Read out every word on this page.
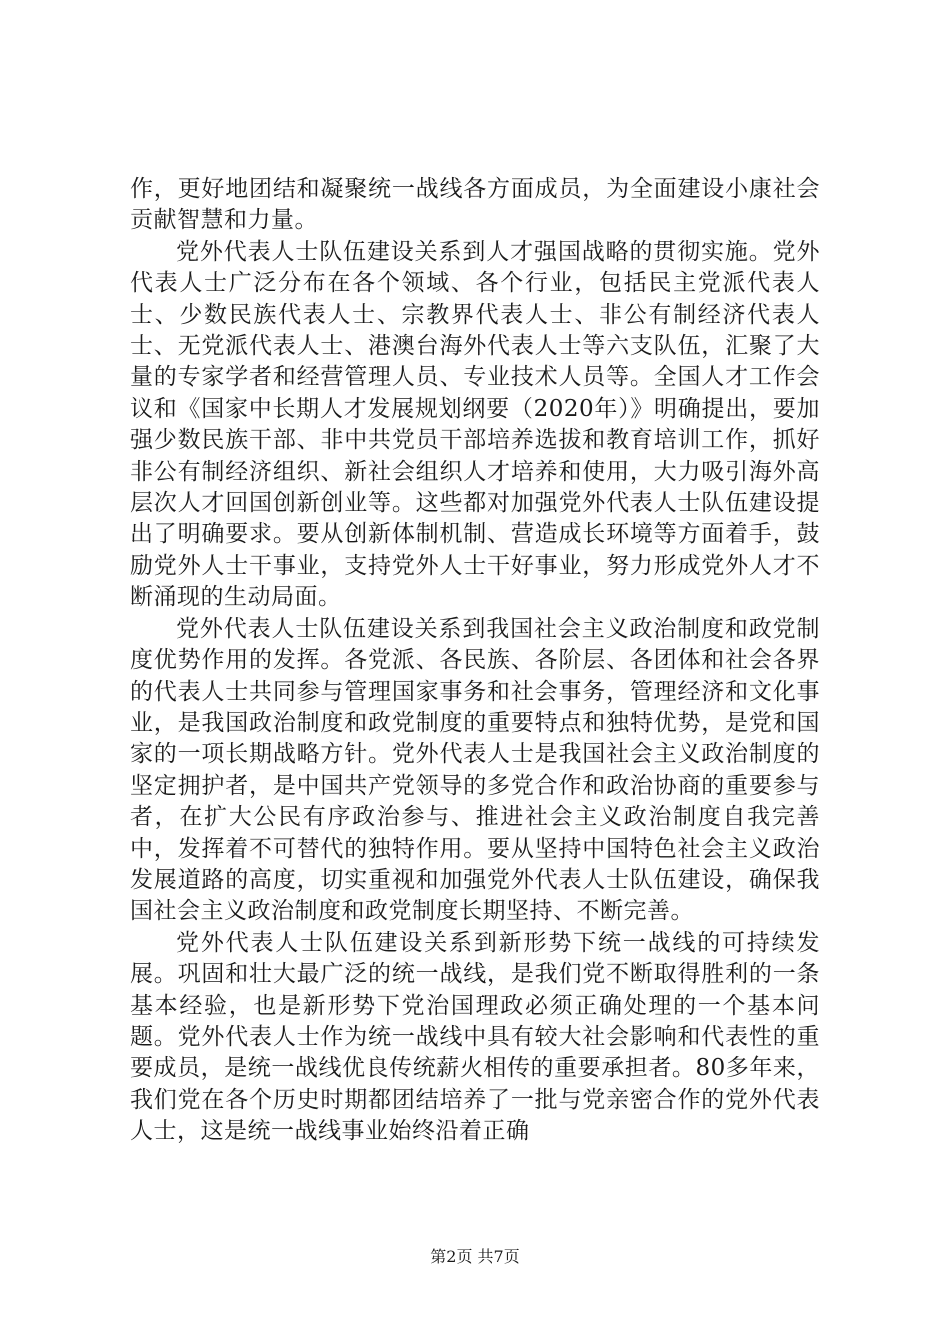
作，更好地团结和凝聚统一战线各方面成员，为全面建设小康社会贡献智慧和力量。

党外代表人士队伍建设关系到人才强国战略的贯彻实施。党外代表人士广泛分布在各个领域、各个行业，包括民主党派代表人士、少数民族代表人士、宗教界代表人士、非公有制经济代表人士、无党派代表人士、港澳台海外代表人士等六支队伍，汇聚了大量的专家学者和经营管理人员、专业技术人员等。全国人才工作会议和《国家中长期人才发展规划纲要（2020年）》明确提出，要加强少数民族干部、非中共党员干部培养选拔和教育培训工作，抓好非公有制经济组织、新社会组织人才培养和使用，大力吸引海外高层次人才回国创新创业等。这些都对加强党外代表人士队伍建设提出了明确要求。要从创新体制机制、营造成长环境等方面着手，鼓励党外人士干事业，支持党外人士干好事业，努力形成党外人才不断涌现的生动局面。

党外代表人士队伍建设关系到我国社会主义政治制度和政党制度优势作用的发挥。各党派、各民族、各阶层、各团体和社会各界的代表人士共同参与管理国家事务和社会事务，管理经济和文化事业，是我国政治制度和政党制度的重要特点和独特优势，是党和国家的一项长期战略方针。党外代表人士是我国社会主义政治制度的坚定拥护者，是中国共产党领导的多党合作和政治协商的重要参与者，在扩大公民有序政治参与、推进社会主义政治制度自我完善中，发挥着不可替代的独特作用。要从坚持中国特色社会主义政治发展道路的高度，切实重视和加强党外代表人士队伍建设，确保我国社会主义政治制度和政党制度长期坚持、不断完善。

党外代表人士队伍建设关系到新形势下统一战线的可持续发展。巩固和壮大最广泛的统一战线，是我们党不断取得胜利的一条基本经验，也是新形势下党治国理政必须正确处理的一个基本问题。党外代表人士作为统一战线中具有较大社会影响和代表性的重要成员，是统一战线优良传统薪火相传的重要承担者。80多年来，我们党在各个历史时期都团结培养了一批与党亲密合作的党外代表人士，这是统一战线事业始终沿着正确

第2页 共7页
